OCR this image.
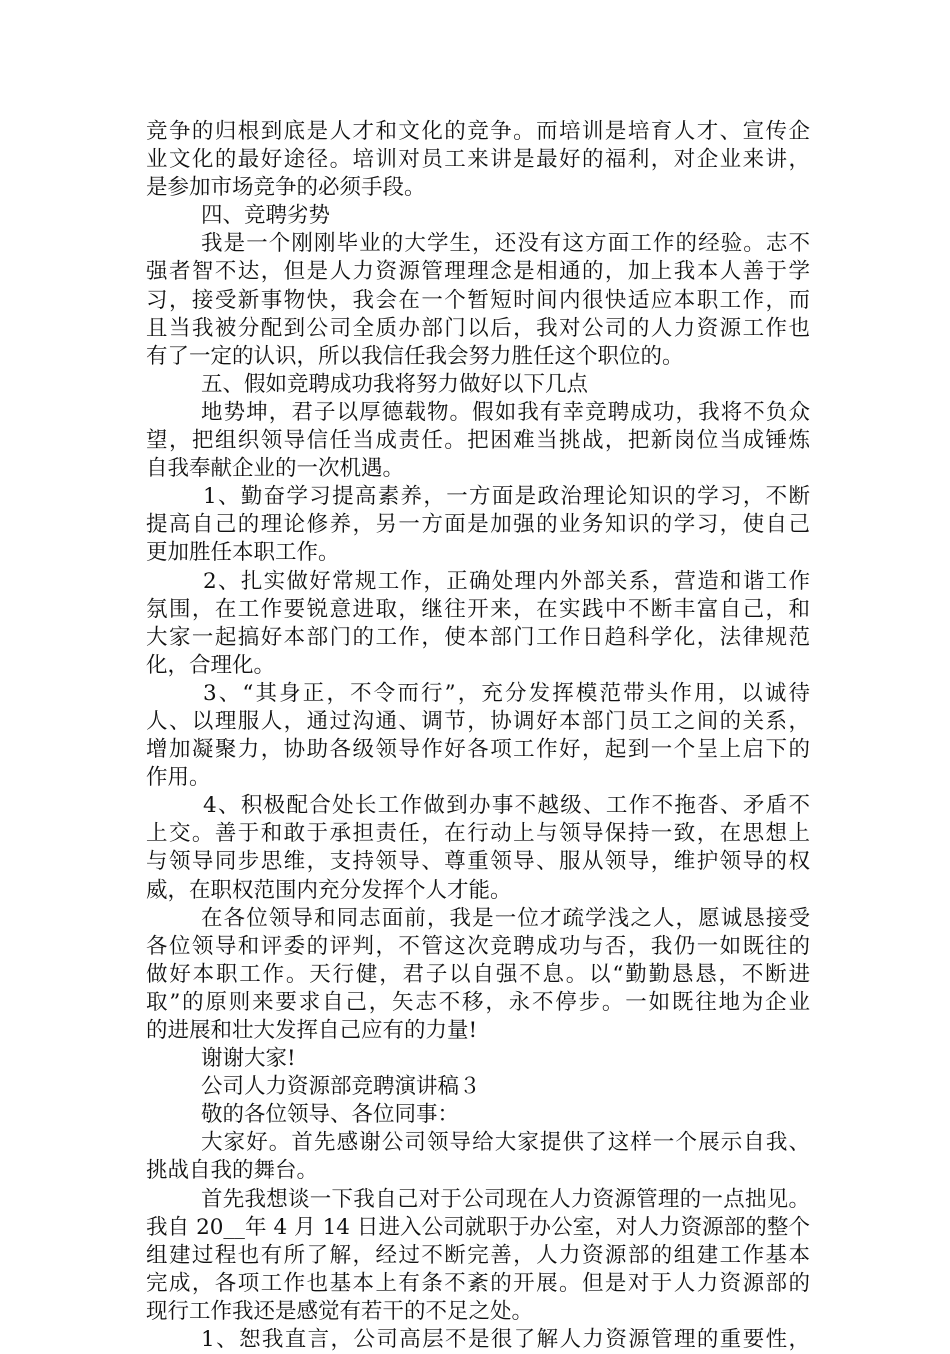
竞争的归根到底是人才和文化的竞争。而培训是培育人才、宣传企
业文化的最好途径。培训对员工来讲是最好的福利，对企业来讲，
是参加市场竞争的必须手段。
四、竞聘劣势
我是一个刚刚毕业的大学生，还没有这方面工作的经验。志不
强者智不达，但是人力资源管理理念是相通的，加上我本人善于学
习，接受新事物快，我会在一个暂短时间内很快适应本职工作，而
且当我被分配到公司全质办部门以后，我对公司的人力资源工作也
有了一定的认识，所以我信任我会努力胜任这个职位的。
五、假如竞聘成功我将努力做好以下几点
地势坤，君子以厚德载物。假如我有幸竞聘成功，我将不负众
望，把组织领导信任当成责任。把困难当挑战，把新岗位当成锤炼
自我奉献企业的一次机遇。
1、勤奋学习提高素养，一方面是政治理论知识的学习，不断
提高自己的理论修养，另一方面是加强的业务知识的学习，使自己
更加胜任本职工作。
2、扎实做好常规工作，正确处理内外部关系，营造和谐工作
氛围，在工作要锐意进取，继往开来，在实践中不断丰富自己，和
大家一起搞好本部门的工作，使本部门工作日趋科学化，法律规范
化，合理化。
3、“其身正，不令而行”，充分发挥模范带头作用，以诚待
人、以理服人，通过沟通、调节，协调好本部门员工之间的关系，
增加凝聚力，协助各级领导作好各项工作好，起到一个呈上启下的
作用。
4、积极配合处长工作做到办事不越级、工作不拖沓、矛盾不
上交。善于和敢于承担责任，在行动上与领导保持一致，在思想上
与领导同步思维，支持领导、尊重领导、服从领导，维护领导的权
威，在职权范围内充分发挥个人才能。
在各位领导和同志面前，我是一位才疏学浅之人，愿诚恳接受
各位领导和评委的评判，不管这次竞聘成功与否，我仍一如既往的
做好本职工作。天行健，君子以自强不息。以“勤勤恳恳，不断进
取”的原则来要求自己，矢志不移，永不停步。一如既往地为企业
的进展和壮大发挥自己应有的力量!
谢谢大家!
公司人力资源部竞聘演讲稿３
敬的各位领导、各位同事：
大家好。首先感谢公司领导给大家提供了这样一个展示自我、
挑战自我的舞台。
首先我想谈一下我自己对于公司现在人力资源管理的一点拙见。
我自 20__年 4 月 14 日进入公司就职于办公室，对人力资源部的整个
组建过程也有所了解，经过不断完善，人力资源部的组建工作基本
完成，各项工作也基本上有条不紊的开展。但是对于人力资源部的
现行工作我还是感觉有若干的不足之处。
1、恕我直言，公司高层不是很了解人力资源管理的重要性，
